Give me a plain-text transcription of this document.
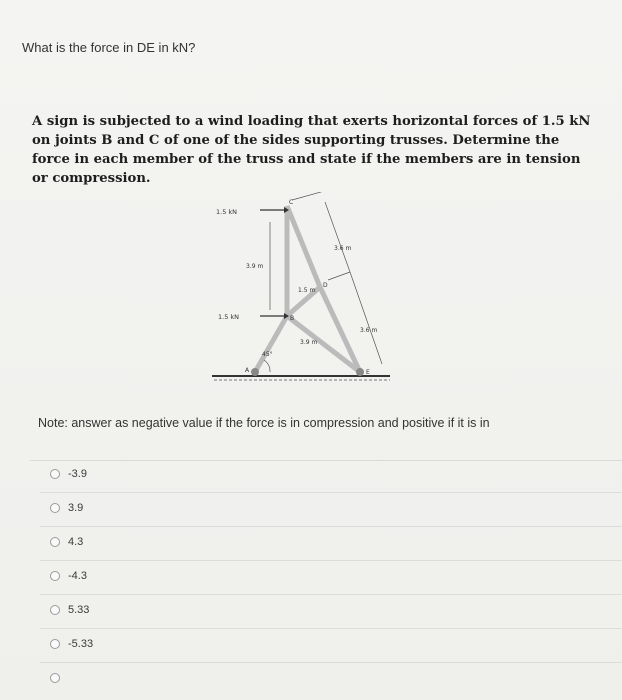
What is the force in DE in kN?
A sign is subjected to a wind loading that exerts horizontal forces of 1.5 kN on joints B and C of one of the sides supporting trusses. Determine the force in each member of the truss and state if the members are in tension or compression.
1.5 kN
1.5 kN
3.6 m
3.9 m
1.5 m
3.6 m
3.9 m
45°
A
B
C
D
E
Note: answer as negative value if the force is in compression and positive if it is in
-3.9
3.9
4.3
-4.3
5.33
-5.33
